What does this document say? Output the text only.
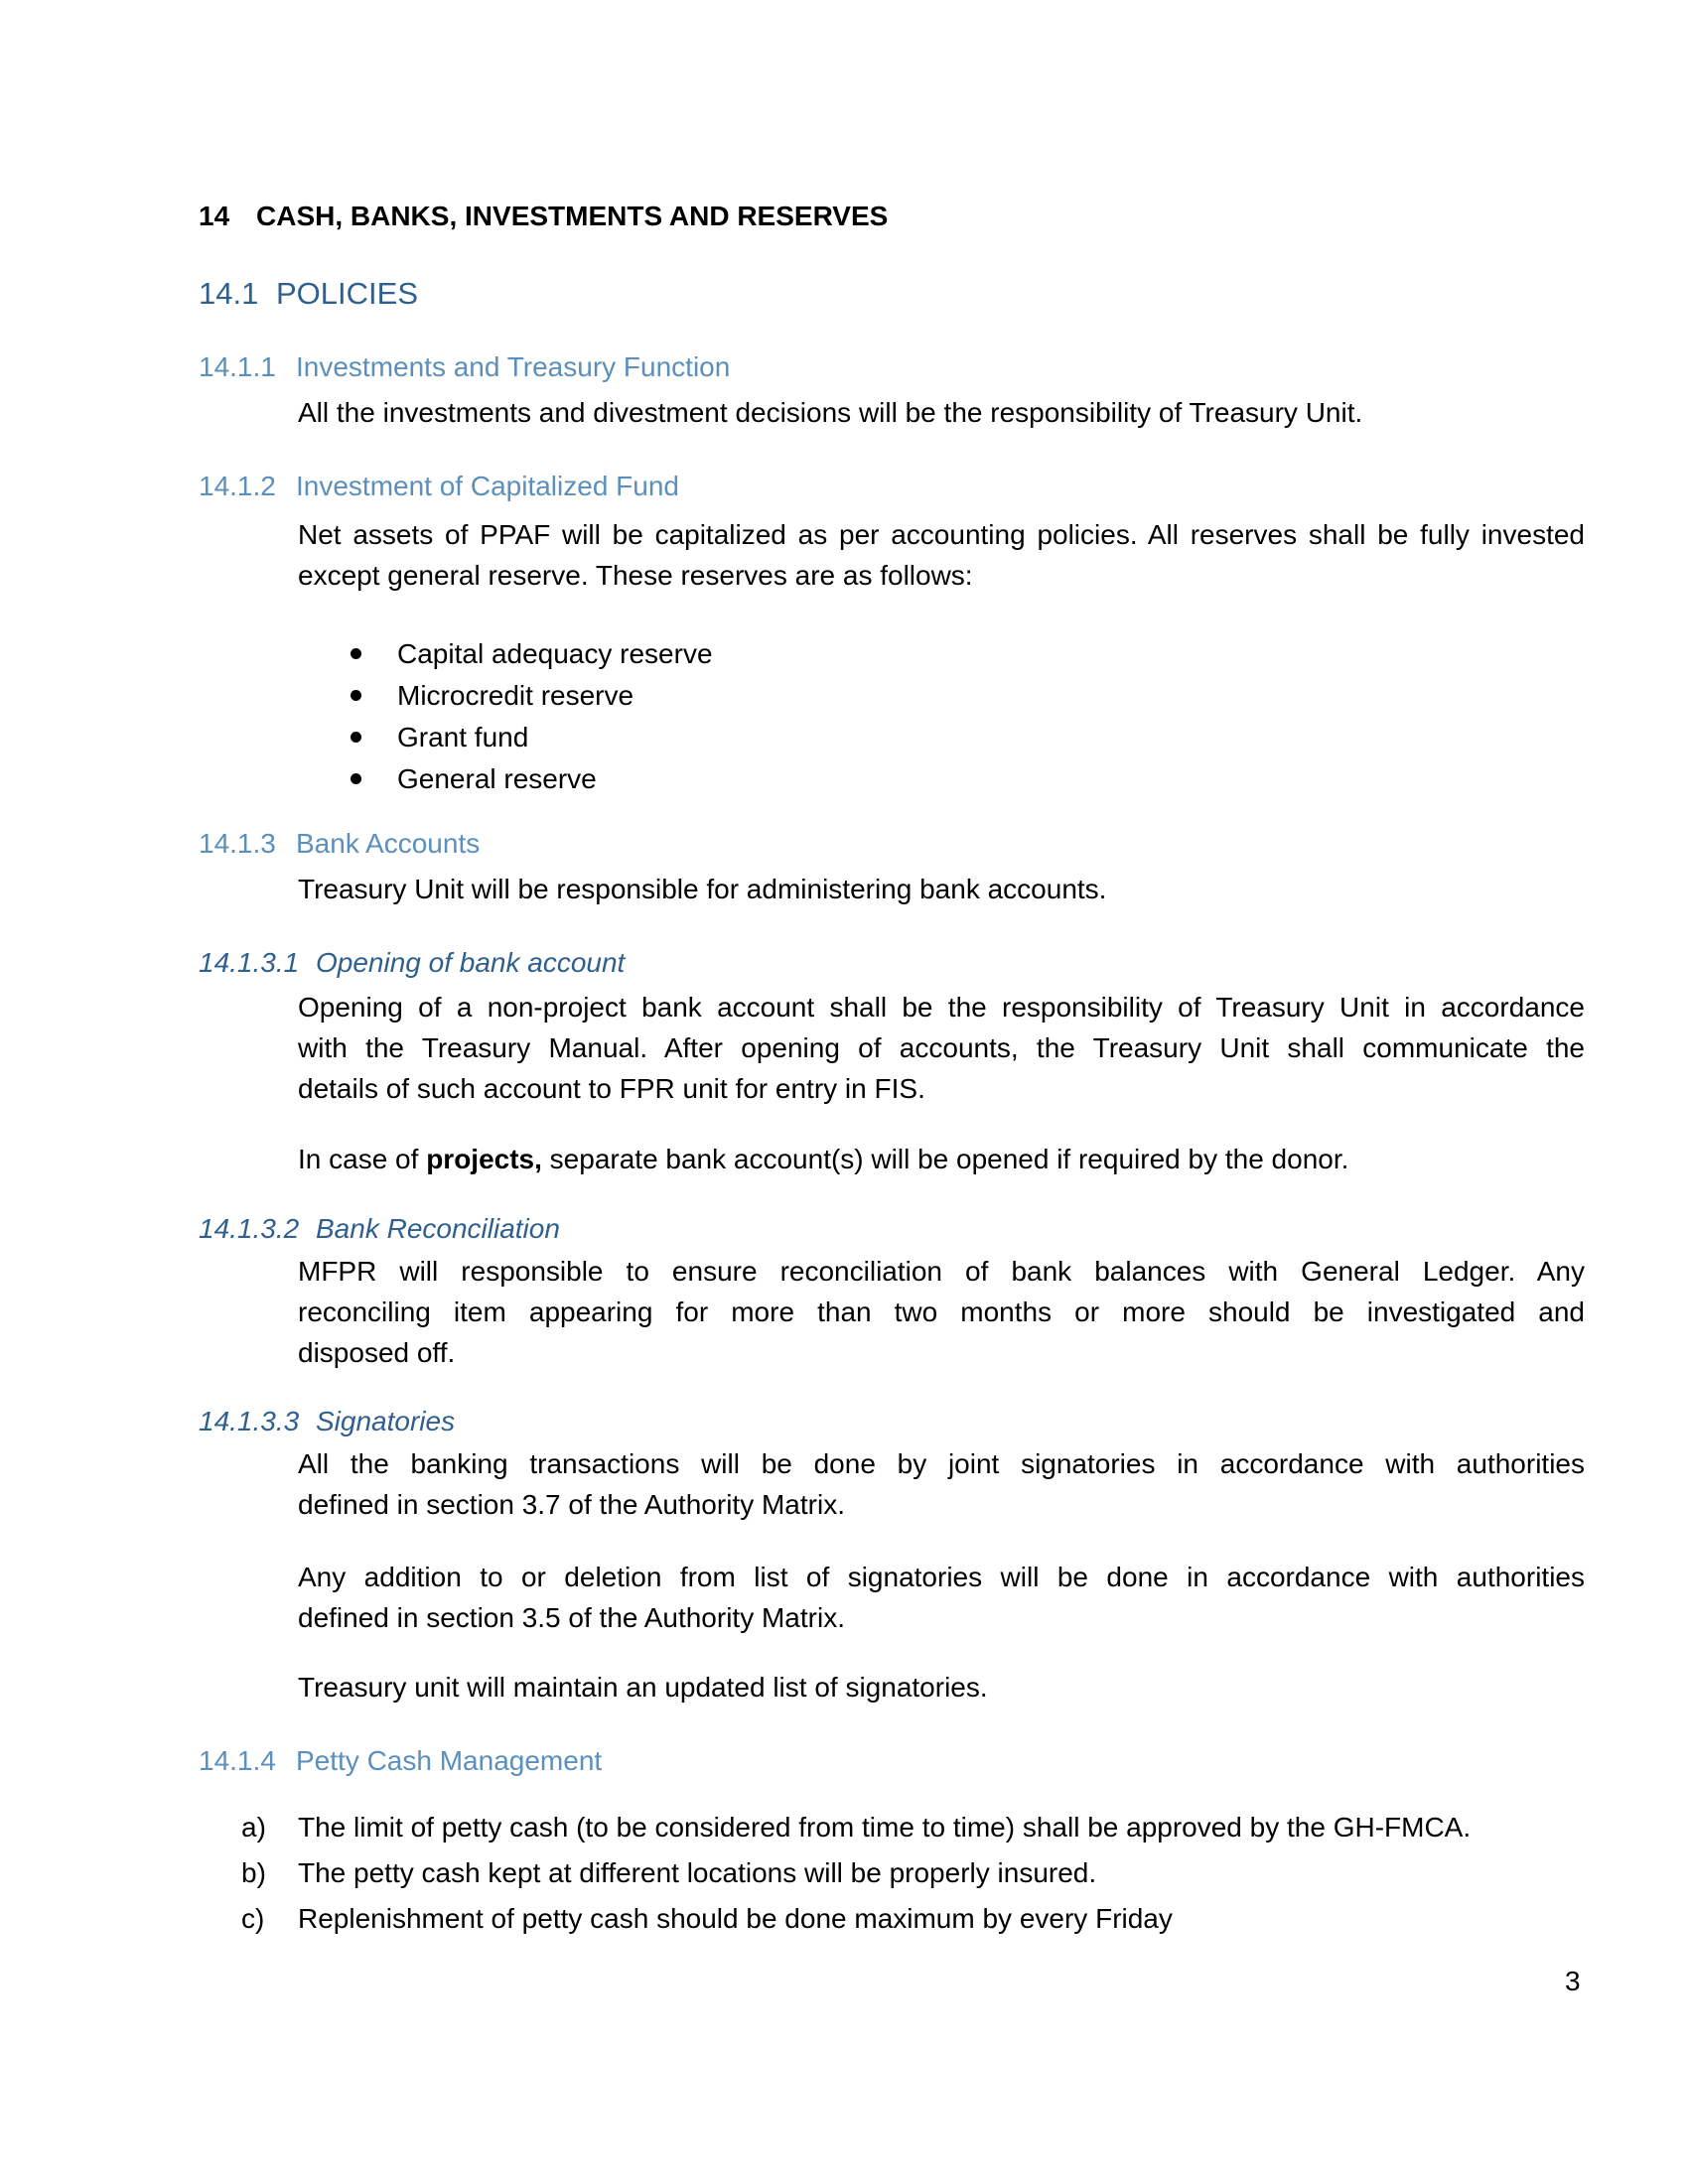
14 CASH, BANKS, INVESTMENTS AND RESERVES
14.1 POLICIES
14.1.1 Investments and Treasury Function
All the investments and divestment decisions will be the responsibility of Treasury Unit.
14.1.2 Investment of Capitalized Fund
Net assets of PPAF will be capitalized as per accounting policies. All reserves shall be fully invested
except general reserve. These reserves are as follows:
Capital adequacy reserve
Microcredit reserve
Grant fund
General reserve
14.1.3 Bank Accounts
Treasury Unit will be responsible for administering bank accounts.
14.1.3.1 Opening of bank account
Opening of a non-project bank account shall be the responsibility of Treasury Unit in accordance
with the Treasury Manual. After opening of accounts, the Treasury Unit shall communicate the
details of such account to FPR unit for entry in FIS.
In case of projects, separate bank account(s) will be opened if required by the donor.
14.1.3.2 Bank Reconciliation
MFPR will responsible to ensure reconciliation of bank balances with General Ledger. Any
reconciling item appearing for more than two months or more should be investigated and
disposed off.
14.1.3.3 Signatories
All the banking transactions will be done by joint signatories in accordance with authorities
defined in section 3.7 of the Authority Matrix.
Any addition to or deletion from list of signatories will be done in accordance with authorities
defined in section 3.5 of the Authority Matrix.
Treasury unit will maintain an updated list of signatories.
14.1.4 Petty Cash Management
a) The limit of petty cash (to be considered from time to time) shall be approved by the GH-FMCA.
b) The petty cash kept at different locations will be properly insured.
c) Replenishment of petty cash should be done maximum by every Friday
3
